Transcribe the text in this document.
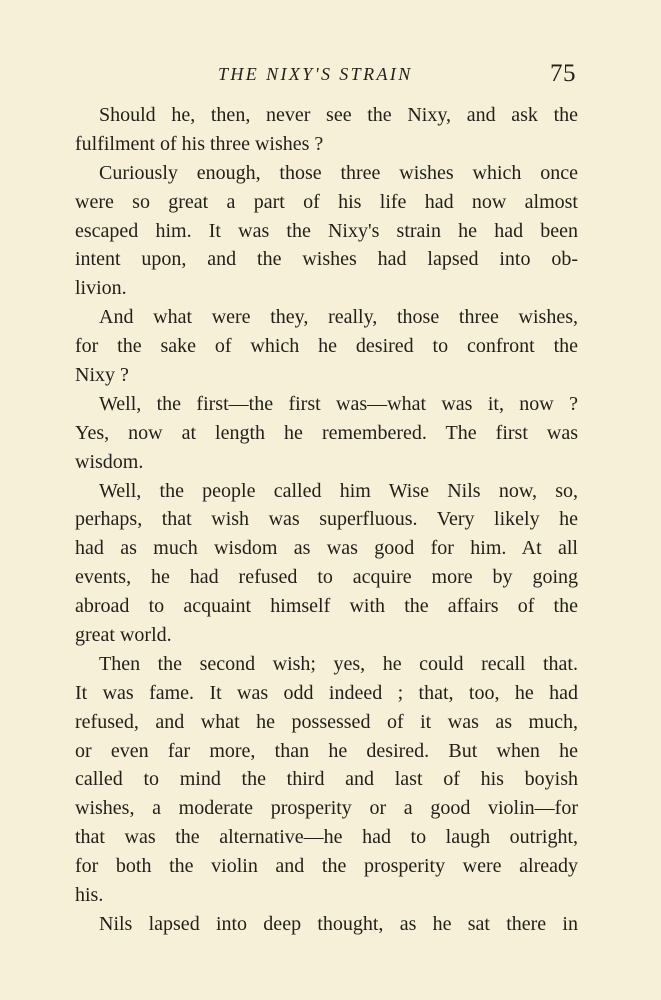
THE NIXY'S STRAIN	75
Should he, then, never see the Nixy, and ask the
fulfilment of his three wishes ?
Curiously enough, those three wishes which once
were so great a part of his life had now almost
escaped him. It was the Nixy's strain he had been
intent upon, and the wishes had lapsed into ob-
livion.
And what were they, really, those three wishes,
for the sake of which he desired to confront the
Nixy ?
Well, the first—the first was—what was it, now ?
Yes, now at length he remembered. The first was
wisdom.
Well, the people called him Wise Nils now, so,
perhaps, that wish was superfluous. Very likely he
had as much wisdom as was good for him. At all
events, he had refused to acquire more by going
abroad to acquaint himself with the affairs of the
great world.
Then the second wish; yes, he could recall that.
It was fame. It was odd indeed ; that, too, he had
refused, and what he possessed of it was as much,
or even far more, than he desired. But when he
called to mind the third and last of his boyish
wishes, a moderate prosperity or a good violin—for
that was the alternative—he had to laugh outright,
for both the violin and the prosperity were already
his.
Nils lapsed into deep thought, as he sat there in
